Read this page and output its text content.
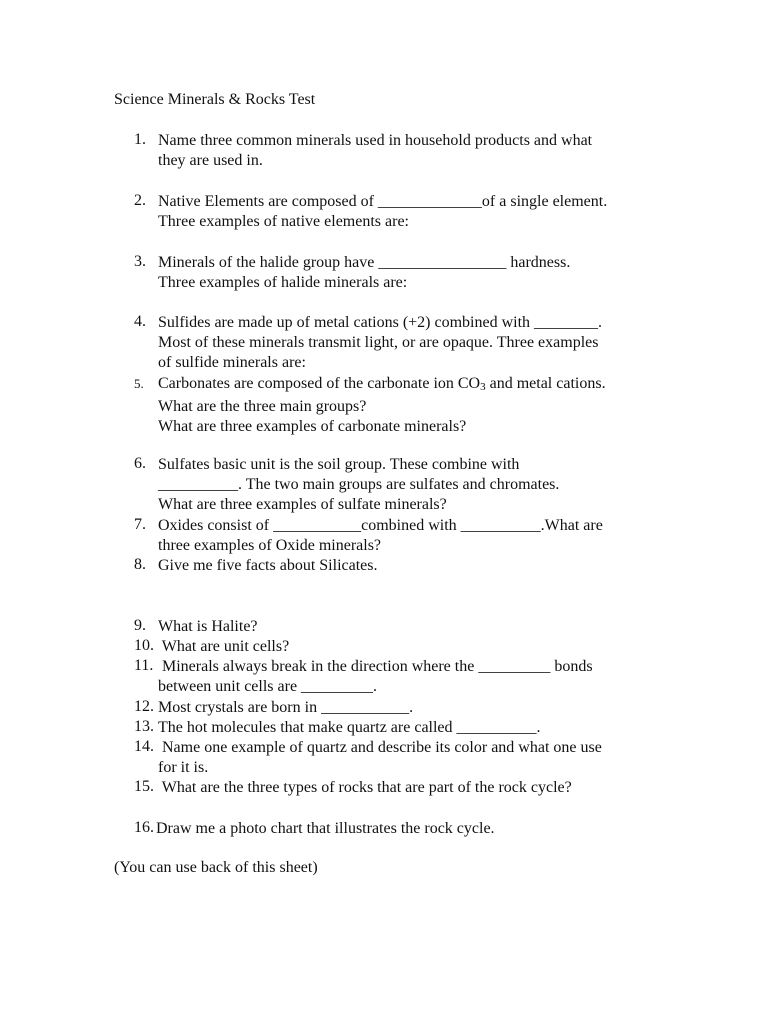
Science Minerals & Rocks Test
1. Name three common minerals used in household products and what
they are used in.
2. Native Elements are composed of _____________of a single element.
Three examples of native elements are:
3. Minerals of the halide group have ________________ hardness.
Three examples of halide minerals are:
4. Sulfides are made up of metal cations (+2) combined with ________.
Most of these minerals transmit light, or are opaque. Three examples
of sulfide minerals are:
5. Carbonates are composed of the carbonate ion $CO_3$ and metal cations.
What are the three main groups?
What are three examples of carbonate minerals?
6. Sulfates basic unit is the soil group. These combine with
__________. The two main groups are sulfates and chromates.
What are three examples of sulfate minerals?
7. Oxides consist of ___________combined with __________.What are
three examples of Oxide minerals?
8. Give me five facts about Silicates.
9. What is Halite?
10. What are unit cells?
11. Minerals always break in the direction where the _________ bonds
between unit cells are _________.
12. Most crystals are born in ___________.
13. The hot molecules that make quartz are called __________.
14. Name one example of quartz and describe its color and what one use
for it is.
15. What are the three types of rocks that are part of the rock cycle?
16. Draw me a photo chart that illustrates the rock cycle.
(You can use back of this sheet)
